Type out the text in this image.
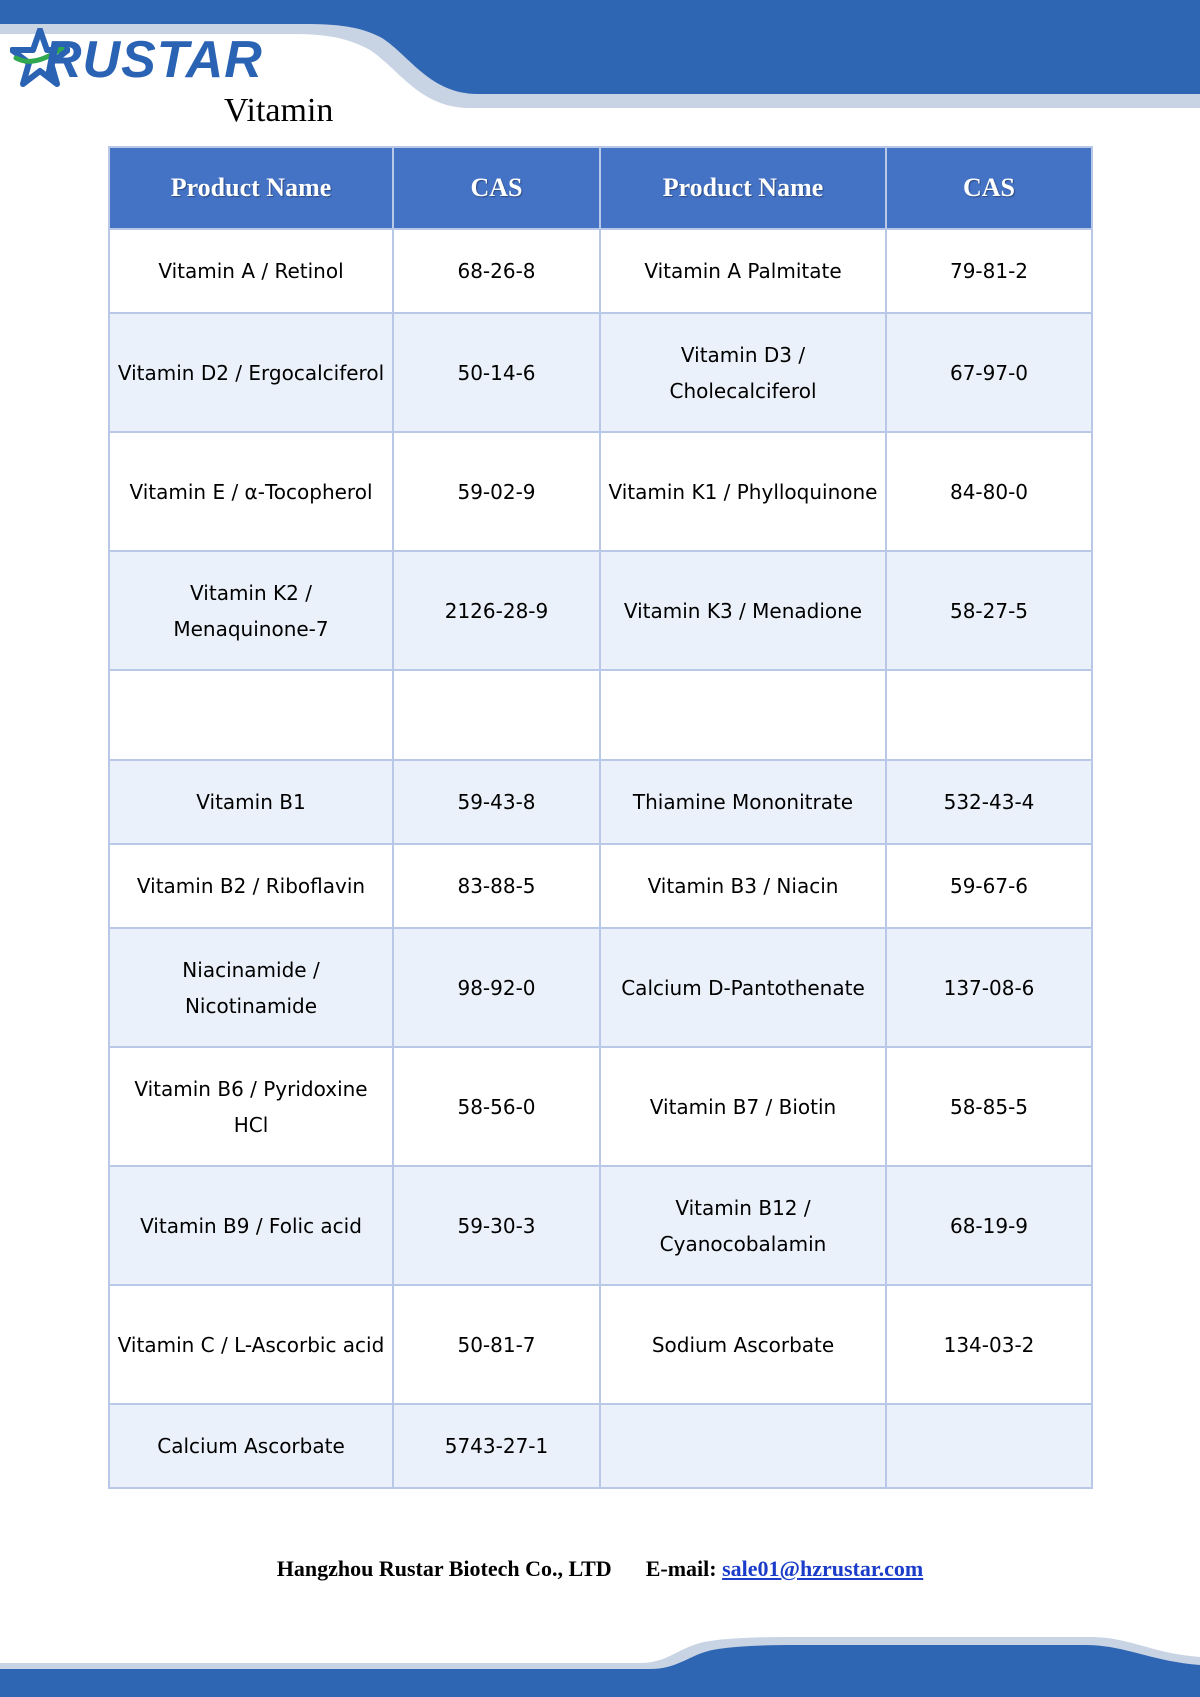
RUSTAR
Vitamin
Product Name	CAS	Product Name	CAS
Vitamin A / Retinol	68-26-8	Vitamin A Palmitate	79-81-2
Vitamin D2 / Ergocalciferol	50-14-6	Vitamin D3 / Cholecalciferol	67-97-0
Vitamin E / α-Tocopherol	59-02-9	Vitamin K1 / Phylloquinone	84-80-0
Vitamin K2 / Menaquinone-7	2126-28-9	Vitamin K3 / Menadione	58-27-5

Vitamin B1	59-43-8	Thiamine Mononitrate	532-43-4
Vitamin B2 / Riboflavin	83-88-5	Vitamin B3 / Niacin	59-67-6
Niacinamide / Nicotinamide	98-92-0	Calcium D-Pantothenate	137-08-6
Vitamin B6 / Pyridoxine HCl	58-56-0	Vitamin B7 / Biotin	58-85-5
Vitamin B9 / Folic acid	59-30-3	Vitamin B12 / Cyanocobalamin	68-19-9
Vitamin C / L-Ascorbic acid	50-81-7	Sodium Ascorbate	134-03-2
Calcium Ascorbate	5743-27-1		
Hangzhou Rustar Biotech Co., LTD E-mail: sale01@hzrustar.com
